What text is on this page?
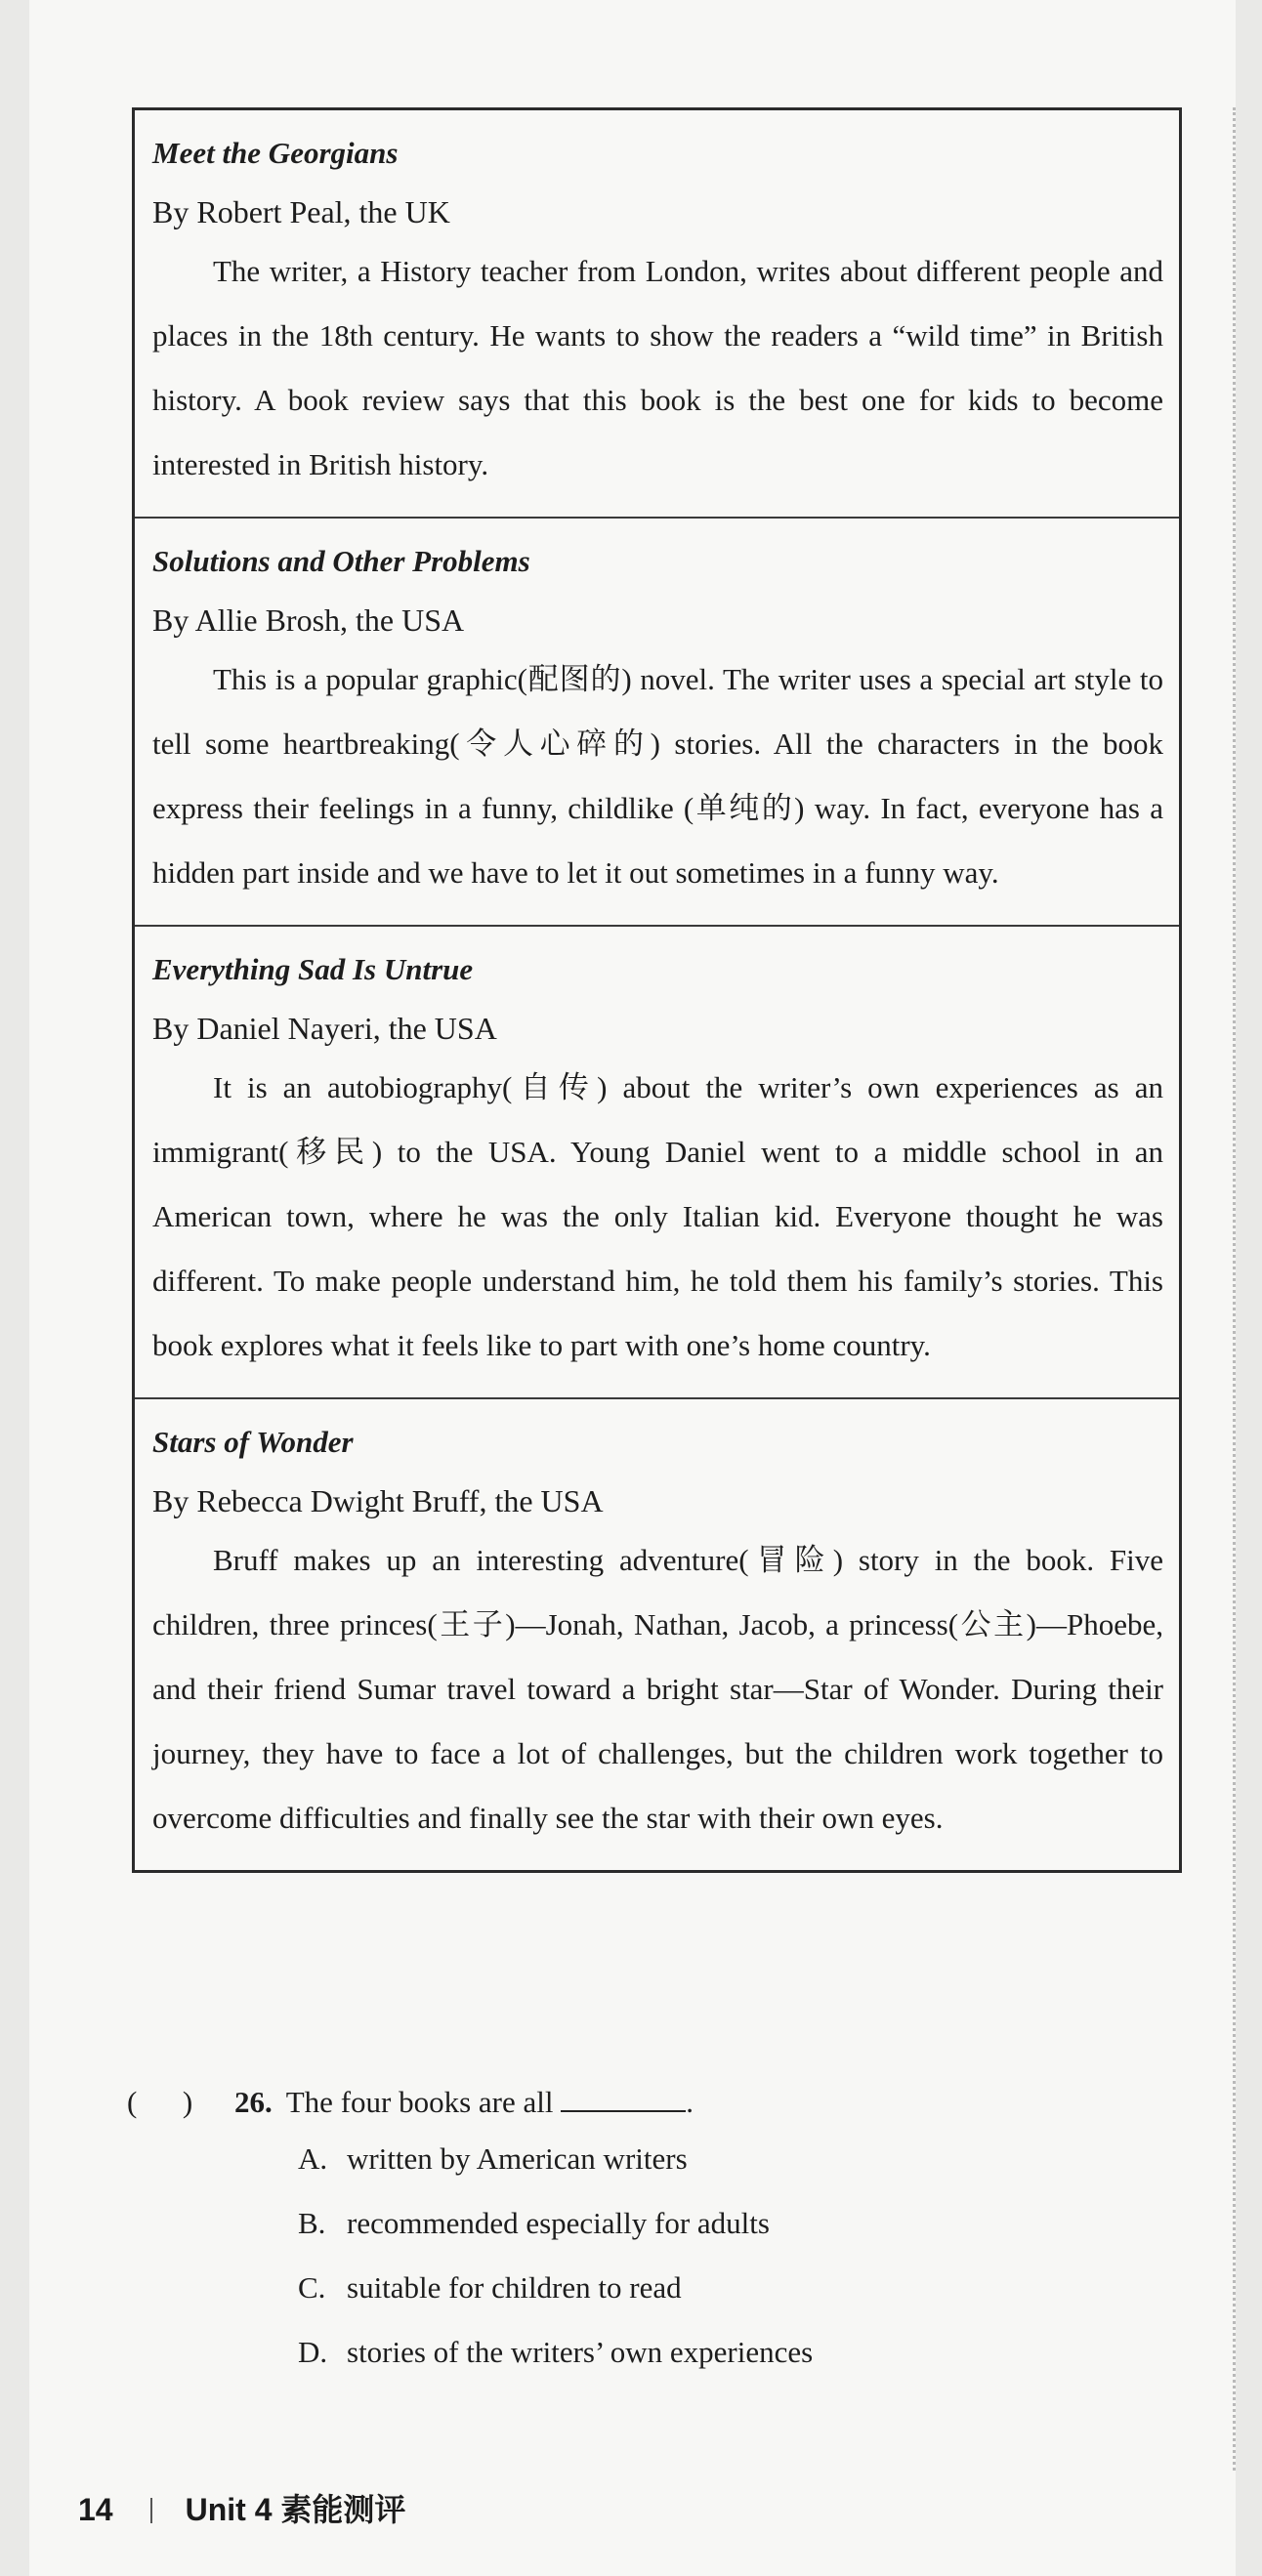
Meet the Georgians

By Robert Peal, the UK

The writer, a History teacher from London, writes about different people and places in the 18th century. He wants to show the readers a “wild time” in British history. A book review says that this book is the best one for kids to become interested in British history.

Solutions and Other Problems

By Allie Brosh, the USA

This is a popular graphic(配图的) novel. The writer uses a special art style to tell some heartbreaking(令人心碎的) stories. All the characters in the book express their feelings in a funny, childlike (单纯的) way. In fact, everyone has a hidden part inside and we have to let it out sometimes in a funny way.

Everything Sad Is Untrue

By Daniel Nayeri, the USA

It is an autobiography(自传) about the writer’s own experiences as an immigrant(移民) to the USA. Young Daniel went to a middle school in an American town, where he was the only Italian kid. Everyone thought he was different. To make people understand him, he told them his family’s stories. This book explores what it feels like to part with one’s home country.

Stars of Wonder

By Rebecca Dwight Bruff, the USA

Bruff makes up an interesting adventure(冒险) story in the book. Five children, three princes(王子)—Jonah, Nathan, Jacob, a princess(公主)—Phoebe, and their friend Sumar travel toward a bright star—Star of Wonder. During their journey, they have to face a lot of challenges, but the children work together to overcome difficulties and finally see the star with their own eyes.

(      ) 26. The four books are all	.

A. written by American writers

B. recommended especially for adults

C. suitable for children to read

D. stories of the writers’ own experiences

14 Unit 4 素能测评
